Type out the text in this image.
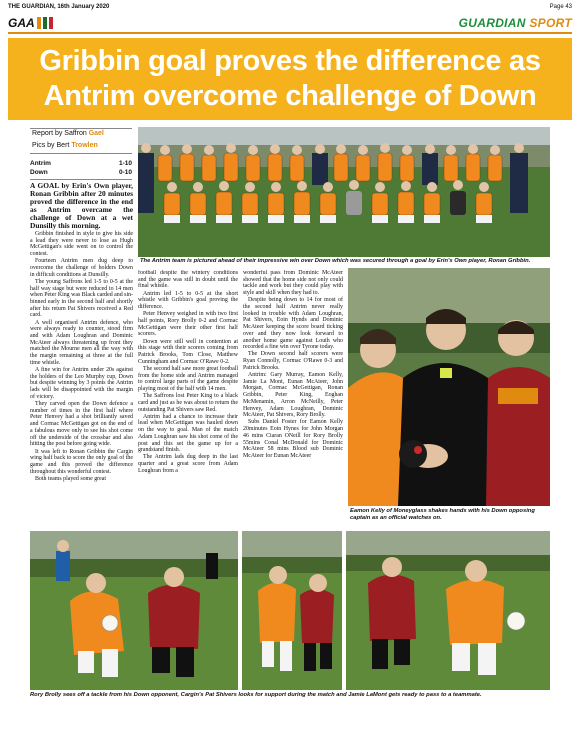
THE GUARDIAN, 16th January 2020	Page 43
GAA	GUARDIAN SPORT
Gribbin goal proves the difference as
Antrim overcome challenge of Down
Report by Saffron Gael
Pics by Bert Trowlen
Antrim	1-10
Down	0-10

A GOAL by Erin's Own player, Ronan Gribbin after 20 minutes proved the difference in the end as Antrim overcame the challenge of Down at a wet Dunsilly this morning.

Gribbin finished in style to give his side a lead they were never to lose as Hugh McGettigan's side went on to control the contest.

Fourteen Antrim men dug deep to overcome the challenge of holders Down in difficult conditions at Dunsilly.

The young Saffrons led 1-5 to 0-5 at the half way stage but were reduced to 14 men when Peter King was Black carded and sin-binned early in the second half and shortly after his return Pat Shivers received a Red card.

A well organised Antrim defence, who were always ready to counter, stood firm and with Adam Loughran and Dominic McAteer always threatening up front they matched the Mourne men all the way with the margin remaining at three at the full time whistle.

A fine win for Antrim under 20s against the holders of the Leo Murphy cup, Down but despite winning by 3 points the Antrim lads will be disappointed with the margin of victory.

They carved open the Down defence a number of times in the first half where Peter Henvey had a shot brilliantly saved and Cormac McGettigan got on the end of a fabulous move only to see his shot come off the underside of the crossbar and also hitting the post before going wide.

It was left to Ronan Gribbin the Cargin wing half back to score the only goal of the game and this proved the difference throughout this wonderful contest.

Both teams played some great

The Antrim team is pictured ahead of their impressive win over Down which was secured through a goal by Erin's Own player, Ronan Gribbin.

football despite the wintery conditions and the game was still in doubt until the final whistle.

Antrim led 1-5 to 0-5 at the short whistle with Gribbin's goal proving the difference.

Peter Henvey weighed in with two first half points, Rory Brolly 0-2 and Cormac McGettigan were their other first half scorers.

Down were still well in contention at this stage with their scorers coming from Patrick Brooks, Tom Close, Matthew Cunningham and Cormac O'Rawe 0-2.

The second half saw more great football from the home side and Antrim managed to control large parts of the game despite playing most of the half with 14 men.

The Saffrons lost Peter King to a black card and just as he was about to return the outstanding Pat Shivers saw Red.

Antrim had a chance to increase their lead when McGettigan was hauled down on the way to goal. Man of the match Adam Loughran saw his shot come of the post and this set the game up for a grandstand finish.

The Antrim lads dug deep in the last quarter and a great score from Adam Loughran from a

wonderful pass from Dominic McAteer showed that the home side not only could tackle and work but they could play with style and skill when they had to.

Despite being down to 14 for most of the second half Antrim never really looked in trouble with Adam Loughran, Pat Shivers, Eoin Hynds and Dominic McAteer keeping the score board ticking over and they now look forward to another home game against Louth who recorded a fine win over Tyrone today.

The Down second half scorers were Ryan Connolly, Cormac O'Rawe 0-3 and Patrick Brooks.

Antrim: Gary Murray, Eamon Kelly, Jamie La Mont, Eunan McAteer, John Morgan, Cormac McGettigan, Ronan Gribbin, Peter King, Eoghan McMenamin, Arron McNeilly, Peter Henvey, Adam Loughran, Dominic McAteer, Pat Shivers, Rory Brolly.

Subs Daniel Foster for Eamon Kelly 20minutes Eoin Hynes for John Morgan 46 mins Ciaran ONeill for Rory Brolly 55mins Conal McDonald for Dominic McAteer 58 mins Blood sub Dominic McAteer for Eunan McAteer

Eamon Kelly of Moneyglass shakes hands with his Down opposing captain as an official watches on.
Rory Brolly sees off a tackle from his Down opponent, Cargin's Pat Shivers looks for support during the match and Jamie LaMont gets ready to pass to a teammate.
